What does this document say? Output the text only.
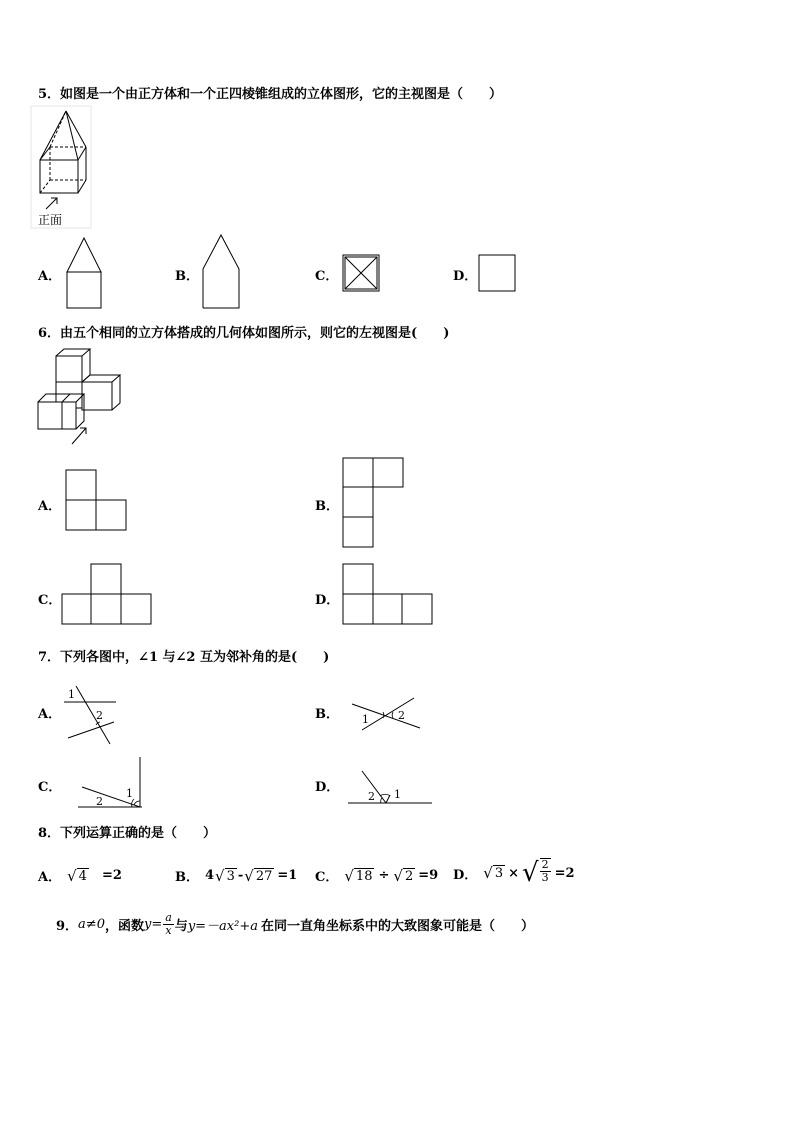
5．如图是一个由正方体和一个正四棱锥组成的立体图形，它的主视图是（　　）
正面
A．	B．	C．	D．
6．由五个相同的立方体搭成的几何体如图所示，则它的左视图是(　　)
A．	B．
C．	D．
7．下列各图中，∠1 与∠2 互为邻补角的是(　　)
A．
1
2	B． 1	2
C．
2
1	D．
2 1
8．下列运算正确的是（　　）
A． √ 4 =2	B． 4 √ 3 - √ 27 =1 C． √ 18 ÷ √ 2 =9 D． √ 3 × √ $\frac{2}{3} =2$
9． a≠0 ，函数 $y= \frac{a}{x}$ 与 y=－ax²+a 在同一直角坐标系中的大致图象可能是（　　）
